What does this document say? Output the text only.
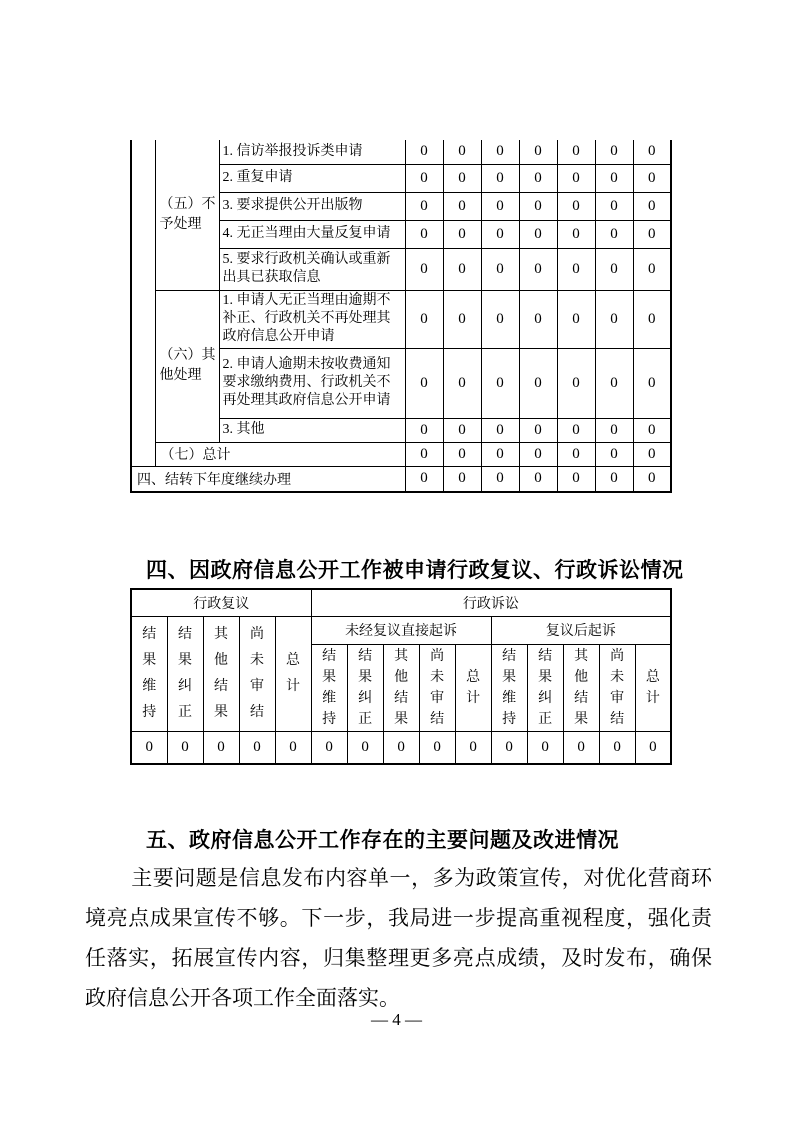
	（五）不予处理	1. 信访举报投诉类申请	0	0	0	0	0	0	0
		2. 重复申请	0	0	0	0	0	0	0
		3. 要求提供公开出版物	0	0	0	0	0	0	0
		4. 无正当理由大量反复申请	0	0	0	0	0	0	0
		5. 要求行政机关确认或重新出具已获取信息	0	0	0	0	0	0	0
	（六）其他处理	1. 申请人无正当理由逾期不补正、行政机关不再处理其政府信息公开申请	0	0	0	0	0	0	0
		2. 申请人逾期未按收费通知要求缴纳费用、行政机关不再处理其政府信息公开申请	0	0	0	0	0	0	0
		3. 其他	0	0	0	0	0	0	0
	（七）总计		0	0	0	0	0	0	0
四、结转下年度继续办理			0	0	0	0	0	0	0
四、因政府信息公开工作被申请行政复议、行政诉讼情况
行政复议					行政诉讼									

结果维持	结果纠正	其他结果	尚未审结	总计	未经复议直接起诉					复议后起诉				

					结果维持	结果纠正	其他结果	尚未审结	总计	结果维持	结果纠正	其他结果	尚未审结	总计

0	0	0	0	0	0	0	0	0	0	0	0	0	0	0
五、政府信息公开工作存在的主要问题及改进情况
主要问题是信息发布内容单一，多为政策宣传，对优化营商环境亮点成果宣传不够。下一步，我局进一步提高重视程度，强化责任落实，拓展宣传内容，归集整理更多亮点成绩，及时发布，确保政府信息公开各项工作全面落实。
— 4 —
